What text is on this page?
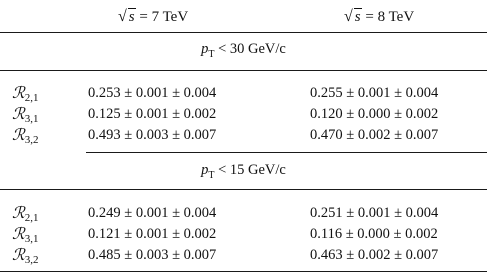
√ s = 7 TeV	√ s = 8 TeV
$p_T < 30$ GeV/c
ℛ$_{2,1}$	0.253 ± 0.001 ± 0.004	0.255 ± 0.001 ± 0.004
ℛ$_{3,1}$	0.125 ± 0.001 ± 0.002	0.120 ± 0.000 ± 0.002
ℛ$_{3,2}$	0.493 ± 0.003 ± 0.007	0.470 ± 0.002 ± 0.007
$p_T < 15$ GeV/c
ℛ$_{2,1}$	0.249 ± 0.001 ± 0.004	0.251 ± 0.001 ± 0.004
ℛ$_{3,1}$	0.121 ± 0.001 ± 0.002	0.116 ± 0.000 ± 0.002
ℛ$_{3,2}$	0.485 ± 0.003 ± 0.007	0.463 ± 0.002 ± 0.007
